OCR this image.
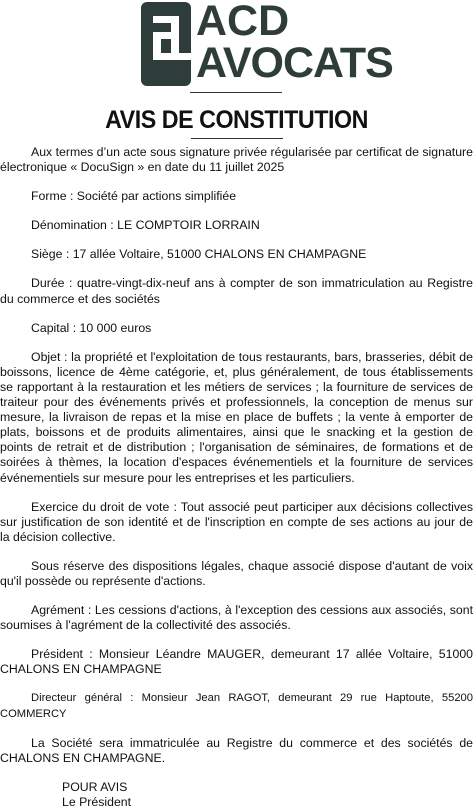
ACD
AVOCATS
AVIS DE CONSTITUTION

Aux termes d’un acte sous signature privée régularisée par certificat de signature électronique « DocuSign » en date du 11 juillet 2025

Forme : Société par actions simplifiée

Dénomination : LE COMPTOIR LORRAIN

Siège : 17 allée Voltaire, 51000 CHALONS EN CHAMPAGNE

Durée : quatre-vingt-dix-neuf ans à compter de son immatriculation au Registre du commerce et des sociétés

Capital : 10 000 euros

Objet : la propriété et l'exploitation de tous restaurants, bars, brasseries, débit de boissons, licence de 4ème catégorie, et, plus généralement, de tous établissements se rapportant à la restauration et les métiers de services ; la fourniture de services de traiteur pour des événements privés et professionnels, la conception de menus sur mesure, la livraison de repas et la mise en place de buffets ; la vente à emporter de plats, boissons et de produits alimentaires, ainsi que le snacking et la gestion de points de retrait et de distribution ; l'organisation de séminaires, de formations et de soirées à thèmes, la location d'espaces événementiels et la fourniture de services événementiels sur mesure pour les entreprises et les particuliers.

Exercice du droit de vote : Tout associé peut participer aux décisions collectives sur justification de son identité et de l'inscription en compte de ses actions au jour de la décision collective.

Sous réserve des dispositions légales, chaque associé dispose d'autant de voix qu'il possède ou représente d'actions.

Agrément : Les cessions d'actions, à l'exception des cessions aux associés, sont soumises à l'agrément de la collectivité des associés.

Président : Monsieur Léandre MAUGER, demeurant 17 allée Voltaire, 51000 CHALONS EN CHAMPAGNE

Directeur général : Monsieur Jean RAGOT, demeurant 29 rue Haptoute, 55200 COMMERCY

La Société sera immatriculée au Registre du commerce et des sociétés de CHALONS EN CHAMPAGNE.

POUR AVIS
Le Président
